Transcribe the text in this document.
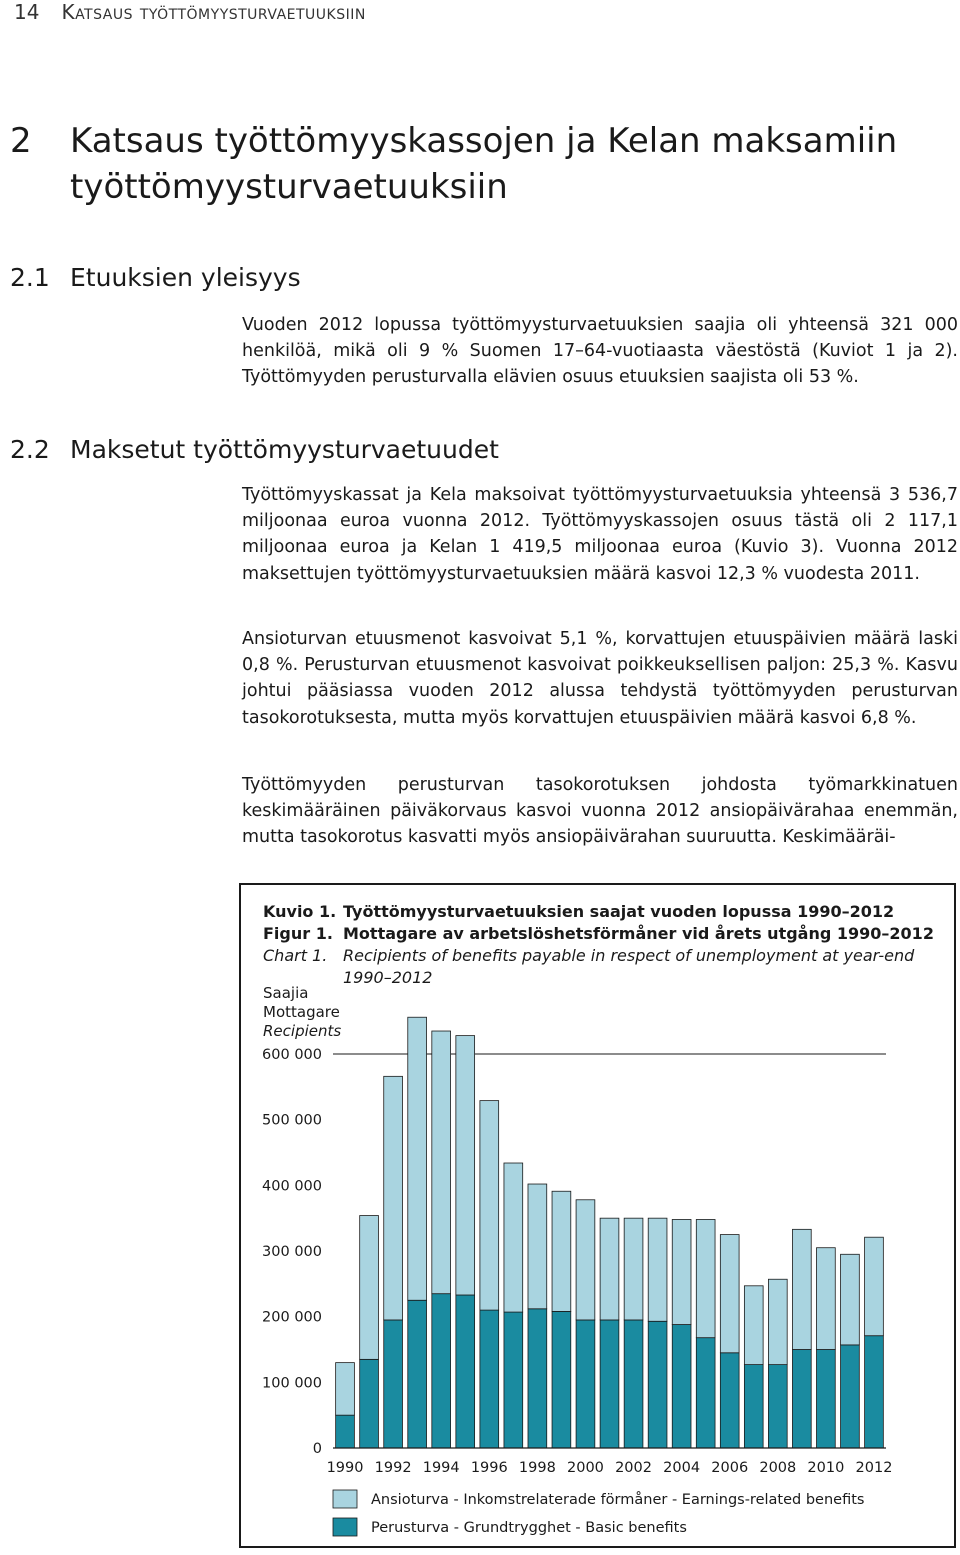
14 Katsaus työttömyysturvaetuuksiin
2 Katsaus työttömyyskassojen ja Kelan maksamiin työttömyysturvaetuuksiin
2.1 Etuuksien yleisyys
Vuoden 2012 lopussa työttömyysturvaetuuksien saajia oli yhteensä 321 000 henkilöä, mikä oli 9 % Suomen 17–64-vuotiaasta väestöstä (Kuviot 1 ja 2). Työttömyyden perusturvalla elävien osuus etuuksien saajista oli 53 %.
2.2 Maksetut työttömyysturvaetuudet
Työttömyyskassat ja Kela maksoivat työttömyysturvaetuuksia yhteensä 3 536,7 miljoonaa euroa vuonna 2012. Työttömyyskassojen osuus tästä oli 2 117,1 miljoonaa euroa ja Kelan 1 419,5 miljoonaa euroa (Kuvio 3). Vuonna 2012 maksettujen työttömyysturvaetuuksien määrä kasvoi 12,3 % vuodesta 2011.
Ansioturvan etuusmenot kasvoivat 5,1 %, korvattujen etuuspäivien määrä laski 0,8 %. Perusturvan etuusmenot kasvoivat poikkeuksellisen paljon: 25,3 %. Kasvu johtui pääsiassa vuoden 2012 alussa tehdystä työttömyyden perusturvan tasokorotuksesta, mutta myös korvattujen etuuspäivien määrä kasvoi 6,8 %.
Työttömyyden perusturvan tasokorotuksen johdosta työmarkkinatuen keskimääräinen päiväkorvaus kasvoi vuonna 2012 ansiopäivärahaa enemmän, mutta tasokorotus kasvatti myös ansiopäivärahan suuruutta. Keskimääräi-
Kuvio 1. Työttömyysturvaetuuksien saajat vuoden lopussa 1990–2012
Figur 1. Mottagare av arbetslöshetsförmåner vid årets utgång 1990–2012
Chart 1. Recipients of benefits payable in respect of unemployment at year-end
1990–2012
Saajia
Mottagare
Recipients
0
100 000
200 000
300 000
400 000
500 000
600 000
1990 1992 1994 1996 1998 2000 2002 2004 2006 2008 2010 2012
Ansioturva - Inkomstrelaterade förmåner - Earnings-related benefits
Perusturva - Grundtrygghet - Basic benefits
